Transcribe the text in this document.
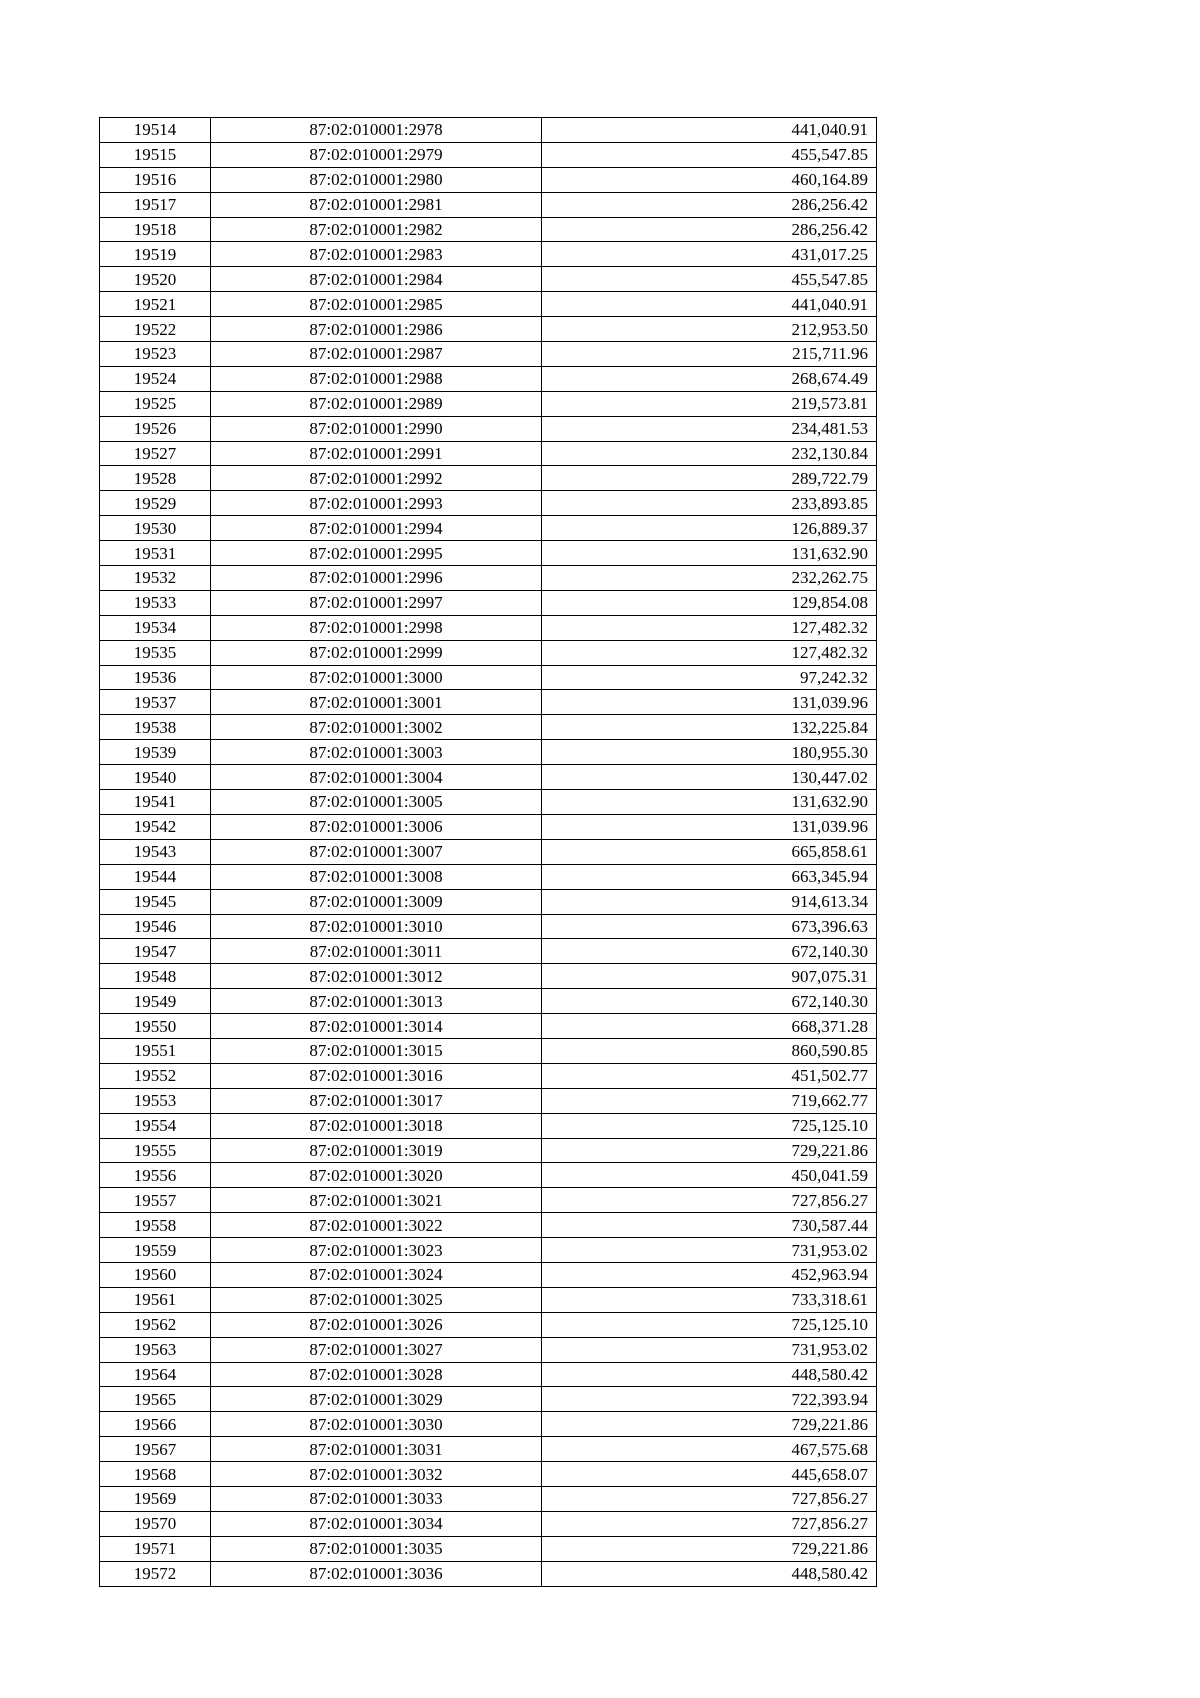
19514	87:02:010001:2978	441,040.91
19515	87:02:010001:2979	455,547.85
19516	87:02:010001:2980	460,164.89
19517	87:02:010001:2981	286,256.42
19518	87:02:010001:2982	286,256.42
19519	87:02:010001:2983	431,017.25
19520	87:02:010001:2984	455,547.85
19521	87:02:010001:2985	441,040.91
19522	87:02:010001:2986	212,953.50
19523	87:02:010001:2987	215,711.96
19524	87:02:010001:2988	268,674.49
19525	87:02:010001:2989	219,573.81
19526	87:02:010001:2990	234,481.53
19527	87:02:010001:2991	232,130.84
19528	87:02:010001:2992	289,722.79
19529	87:02:010001:2993	233,893.85
19530	87:02:010001:2994	126,889.37
19531	87:02:010001:2995	131,632.90
19532	87:02:010001:2996	232,262.75
19533	87:02:010001:2997	129,854.08
19534	87:02:010001:2998	127,482.32
19535	87:02:010001:2999	127,482.32
19536	87:02:010001:3000	97,242.32
19537	87:02:010001:3001	131,039.96
19538	87:02:010001:3002	132,225.84
19539	87:02:010001:3003	180,955.30
19540	87:02:010001:3004	130,447.02
19541	87:02:010001:3005	131,632.90
19542	87:02:010001:3006	131,039.96
19543	87:02:010001:3007	665,858.61
19544	87:02:010001:3008	663,345.94
19545	87:02:010001:3009	914,613.34
19546	87:02:010001:3010	673,396.63
19547	87:02:010001:3011	672,140.30
19548	87:02:010001:3012	907,075.31
19549	87:02:010001:3013	672,140.30
19550	87:02:010001:3014	668,371.28
19551	87:02:010001:3015	860,590.85
19552	87:02:010001:3016	451,502.77
19553	87:02:010001:3017	719,662.77
19554	87:02:010001:3018	725,125.10
19555	87:02:010001:3019	729,221.86
19556	87:02:010001:3020	450,041.59
19557	87:02:010001:3021	727,856.27
19558	87:02:010001:3022	730,587.44
19559	87:02:010001:3023	731,953.02
19560	87:02:010001:3024	452,963.94
19561	87:02:010001:3025	733,318.61
19562	87:02:010001:3026	725,125.10
19563	87:02:010001:3027	731,953.02
19564	87:02:010001:3028	448,580.42
19565	87:02:010001:3029	722,393.94
19566	87:02:010001:3030	729,221.86
19567	87:02:010001:3031	467,575.68
19568	87:02:010001:3032	445,658.07
19569	87:02:010001:3033	727,856.27
19570	87:02:010001:3034	727,856.27
19571	87:02:010001:3035	729,221.86
19572	87:02:010001:3036	448,580.42
